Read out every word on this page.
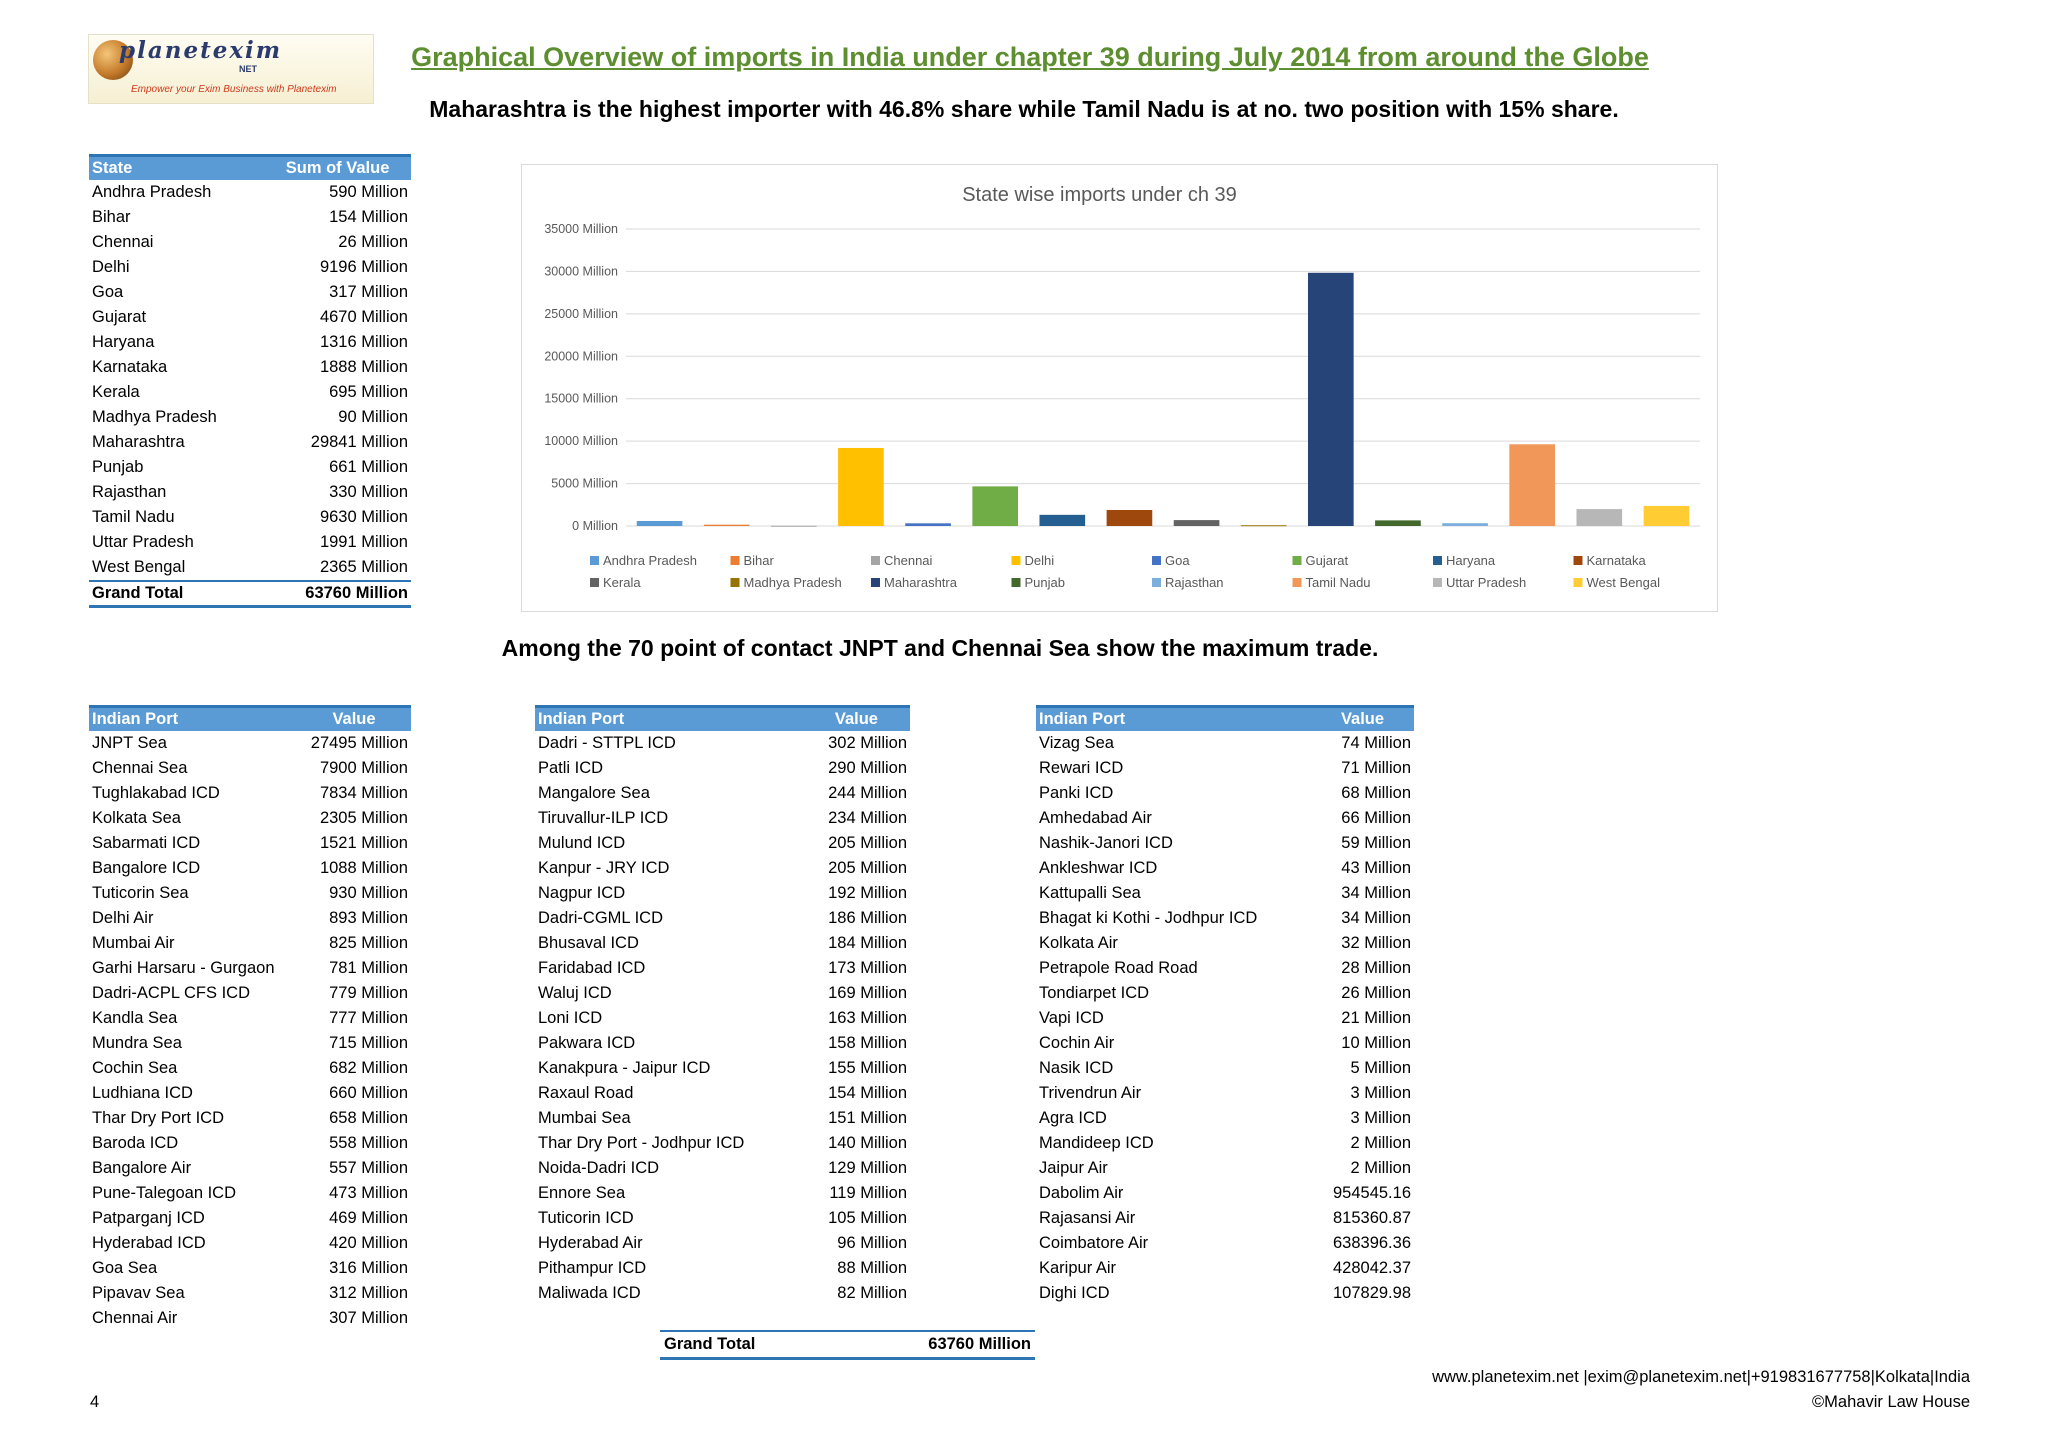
planetexim
NET
Empower your Exim Business with Planetexim
Graphical Overview of imports in India under chapter 39 during July 2014 from around the Globe
Maharashtra is the highest importer with 46.8% share while Tamil Nadu is at no. two position with 15% share.
State	Sum of Value
Andhra Pradesh	590 Million
Bihar	154 Million
Chennai	26 Million
Delhi	9196 Million
Goa	317 Million
Gujarat	4670 Million
Haryana	1316 Million
Karnataka	1888 Million
Kerala	695 Million
Madhya Pradesh	90 Million
Maharashtra	29841 Million
Punjab	661 Million
Rajasthan	330 Million
Tamil Nadu	9630 Million
Uttar Pradesh	1991 Million
West Bengal	2365 Million
Grand Total	63760 Million
State wise imports under ch 39
0 Million
5000 Million
10000 Million
15000 Million
20000 Million
25000 Million
30000 Million
35000 Million
Andhra Pradesh	Bihar	Chennai	Delhi	Goa	Gujarat	Haryana	Karnataka
Kerala	Madhya Pradesh	Maharashtra	Punjab	Rajasthan	Tamil Nadu	Uttar Pradesh	West Bengal
Among the 70 point of contact JNPT and Chennai Sea show the maximum trade.
Indian Port	Value
JNPT Sea	27495 Million
Chennai Sea	7900 Million
Tughlakabad ICD	7834 Million
Kolkata Sea	2305 Million
Sabarmati ICD	1521 Million
Bangalore ICD	1088 Million
Tuticorin Sea	930 Million
Delhi Air	893 Million
Mumbai Air	825 Million
Garhi Harsaru - Gurgaon	781 Million
Dadri-ACPL CFS ICD	779 Million
Kandla Sea	777 Million
Mundra Sea	715 Million
Cochin Sea	682 Million
Ludhiana ICD	660 Million
Thar Dry Port ICD	658 Million
Baroda ICD	558 Million
Bangalore Air	557 Million
Pune-Talegoan ICD	473 Million
Patparganj ICD	469 Million
Hyderabad ICD	420 Million
Goa Sea	316 Million
Pipavav Sea	312 Million
Chennai Air	307 Million
Indian Port	Value
Dadri - STTPL ICD	302 Million
Patli ICD	290 Million
Mangalore Sea	244 Million
Tiruvallur-ILP ICD	234 Million
Mulund ICD	205 Million
Kanpur - JRY ICD	205 Million
Nagpur ICD	192 Million
Dadri-CGML ICD	186 Million
Bhusaval ICD	184 Million
Faridabad ICD	173 Million
Waluj ICD	169 Million
Loni ICD	163 Million
Pakwara ICD	158 Million
Kanakpura - Jaipur ICD	155 Million
Raxaul Road	154 Million
Mumbai Sea	151 Million
Thar Dry Port - Jodhpur ICD	140 Million
Noida-Dadri ICD	129 Million
Ennore Sea	119 Million
Tuticorin ICD	105 Million
Hyderabad Air	96 Million
Pithampur ICD	88 Million
Maliwada ICD	82 Million
Indian Port	Value
Vizag Sea	74 Million
Rewari ICD	71 Million
Panki ICD	68 Million
Amhedabad Air	66 Million
Nashik-Janori ICD	59 Million
Ankleshwar ICD	43 Million
Kattupalli Sea	34 Million
Bhagat ki Kothi - Jodhpur ICD	34 Million
Kolkata Air	32 Million
Petrapole Road Road	28 Million
Tondiarpet ICD	26 Million
Vapi ICD	21 Million
Cochin Air	10 Million
Nasik ICD	5 Million
Trivendrun Air	3 Million
Agra ICD	3 Million
Mandideep ICD	2 Million
Jaipur Air	2 Million
Dabolim Air	954545.16
Rajasansi Air	815360.87
Coimbatore Air	638396.36
Karipur Air	428042.37
Dighi ICD	107829.98
Grand Total	63760 Million
www.planetexim.net |exim@planetexim.net|+919831677758|Kolkata|India
©Mahavir Law House
4
